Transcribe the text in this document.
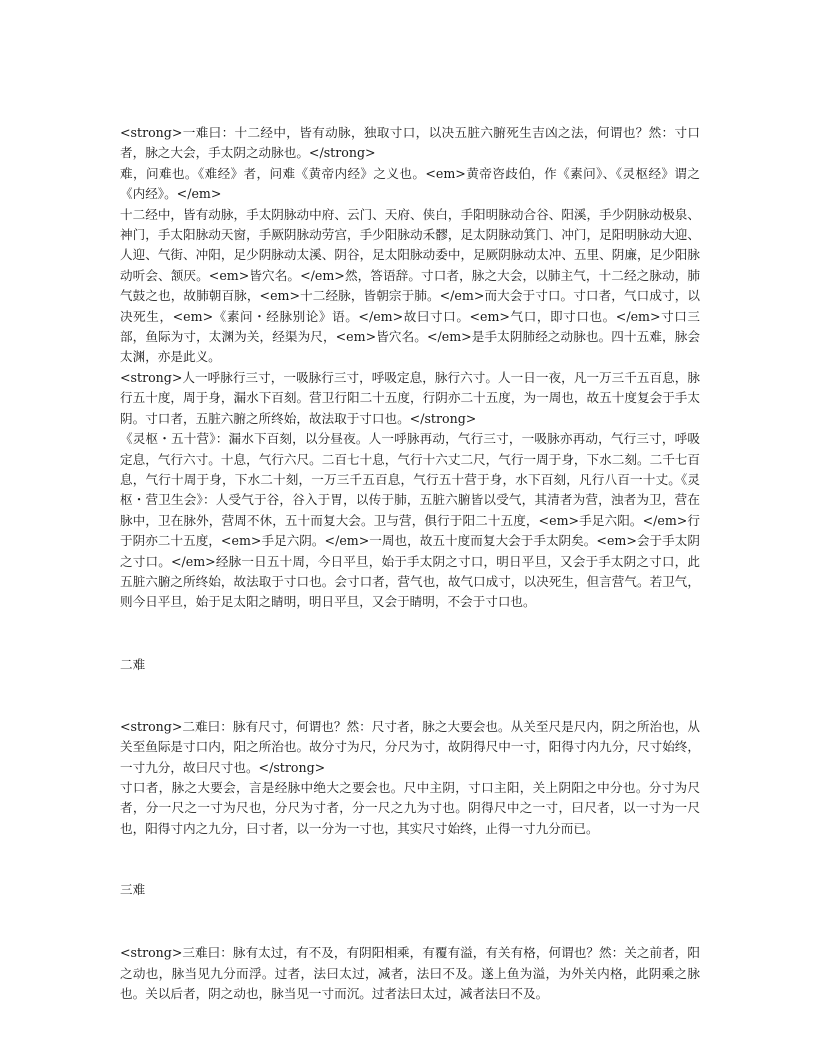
<strong>一难曰：十二经中，皆有动脉，独取寸口，以决五脏六腑死生吉凶之法，何谓也？然：寸口者，脉之大会，手太阴之动脉也。</strong>

难，问难也。《难经》者，问难《黄帝内经》之义也。<em>黄帝咨歧伯，作《素问》、《灵枢经》谓之《内经》。</em>

十二经中，皆有动脉，手太阴脉动中府、云门、天府、侠白，手阳明脉动合谷、阳溪，手少阴脉动极泉、神门，手太阳脉动天窗，手厥阴脉动劳宫，手少阳脉动禾髎，足太阴脉动箕门、冲门，足阳明脉动大迎、人迎、气街、冲阳，足少阴脉动太溪、阴谷，足太阳脉动委中，足厥阴脉动太冲、五里、阴廉，足少阳脉动听会、颔厌。<em>皆穴名。</em>然，答语辞。寸口者，脉之大会，以肺主气，十二经之脉动，肺气鼓之也，故肺朝百脉，<em>十二经脉，皆朝宗于肺。</em>而大会于寸口。寸口者，气口成寸，以决死生，<em>《素问・经脉别论》语。</em>故曰寸口。<em>气口，即寸口也。</em>寸口三部，鱼际为寸，太渊为关，经渠为尺，<em>皆穴名。</em>是手太阴肺经之动脉也。四十五难，脉会太渊，亦是此义。

<strong>人一呼脉行三寸，一吸脉行三寸，呼吸定息，脉行六寸。人一日一夜，凡一万三千五百息，脉行五十度，周于身，漏水下百刻。营卫行阳二十五度，行阴亦二十五度，为一周也，故五十度复会于手太阴。寸口者，五脏六腑之所终始，故法取于寸口也。</strong>

《灵枢・五十营》：漏水下百刻，以分昼夜。人一呼脉再动，气行三寸，一吸脉亦再动，气行三寸，呼吸定息，气行六寸。十息，气行六尺。二百七十息，气行十六丈二尺，气行一周于身，下水二刻。二千七百息，气行十周于身，下水二十刻，一万三千五百息，气行五十营于身，水下百刻，凡行八百一十丈。《灵枢・营卫生会》：人受气于谷，谷入于胃，以传于肺，五脏六腑皆以受气，其清者为营，浊者为卫，营在脉中，卫在脉外，营周不休，五十而复大会。卫与营，俱行于阳二十五度，<em>手足六阳。</em>行于阴亦二十五度，<em>手足六阴。</em>一周也，故五十度而复大会于手太阴矣。<em>会于手太阴之寸口。</em>经脉一日五十周，今日平旦，始于手太阴之寸口，明日平旦，又会于手太阴之寸口，此五脏六腑之所终始，故法取于寸口也。会寸口者，营气也，故气口成寸，以决死生，但言营气。若卫气，则今日平旦，始于足太阳之睛明，明日平旦，又会于睛明，不会于寸口也。

二难

<strong>二难曰：脉有尺寸，何谓也？然：尺寸者，脉之大要会也。从关至尺是尺内，阴之所治也，从关至鱼际是寸口内，阳之所治也。故分寸为尺，分尺为寸，故阴得尺中一寸，阳得寸内九分，尺寸始终，一寸九分，故曰尺寸也。</strong>

寸口者，脉之大要会，言是经脉中绝大之要会也。尺中主阴，寸口主阳，关上阴阳之中分也。分寸为尺者，分一尺之一寸为尺也，分尺为寸者，分一尺之九为寸也。阴得尺中之一寸，曰尺者，以一寸为一尺也，阳得寸内之九分，曰寸者，以一分为一寸也，其实尺寸始终，止得一寸九分而已。

三难

<strong>三难曰：脉有太过，有不及，有阴阳相乘，有覆有溢，有关有格，何谓也？然：关之前者，阳之动也，脉当见九分而浮。过者，法曰太过，减者，法曰不及。遂上鱼为溢，为外关内格，此阴乘之脉也。关以后者，阴之动也，脉当见一寸而沉。过者法曰太过，减者法曰不及。
